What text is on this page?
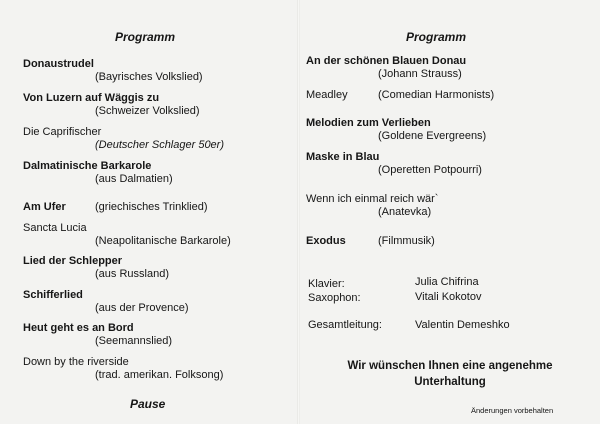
Programm
Donaustrudel
(Bayrisches Volkslied)
Von Luzern auf Wäggis zu
(Schweizer Volkslied)
Die Caprifischer
(Deutscher Schlager 50er)
Dalmatinische Barkarole
(aus Dalmatien)
Am Ufer	(griechisches Trinklied)
Sancta Lucia
(Neapolitanische Barkarole)
Lied der Schlepper
(aus Russland)
Schifferlied
(aus der Provence)
Heut geht es an Bord
(Seemannslied)
Down by the riverside
(trad. amerikan. Folksong)
Pause
Programm
An der schönen Blauen Donau
(Johann Strauss)
Meadley	(Comedian Harmonists)
Melodien zum Verlieben
(Goldene Evergreens)
Maske in Blau
(Operetten Potpourri)
Wenn ich einmal reich wär`
(Anatevka)
Exodus	(Filmmusik)
Klavier:	Julia Chifrina
Saxophon:	Vitali Kokotov
Gesamtleitung:	Valentin Demeshko
Wir wünschen Ihnen eine angenehme
Unterhaltung
Änderungen vorbehalten
